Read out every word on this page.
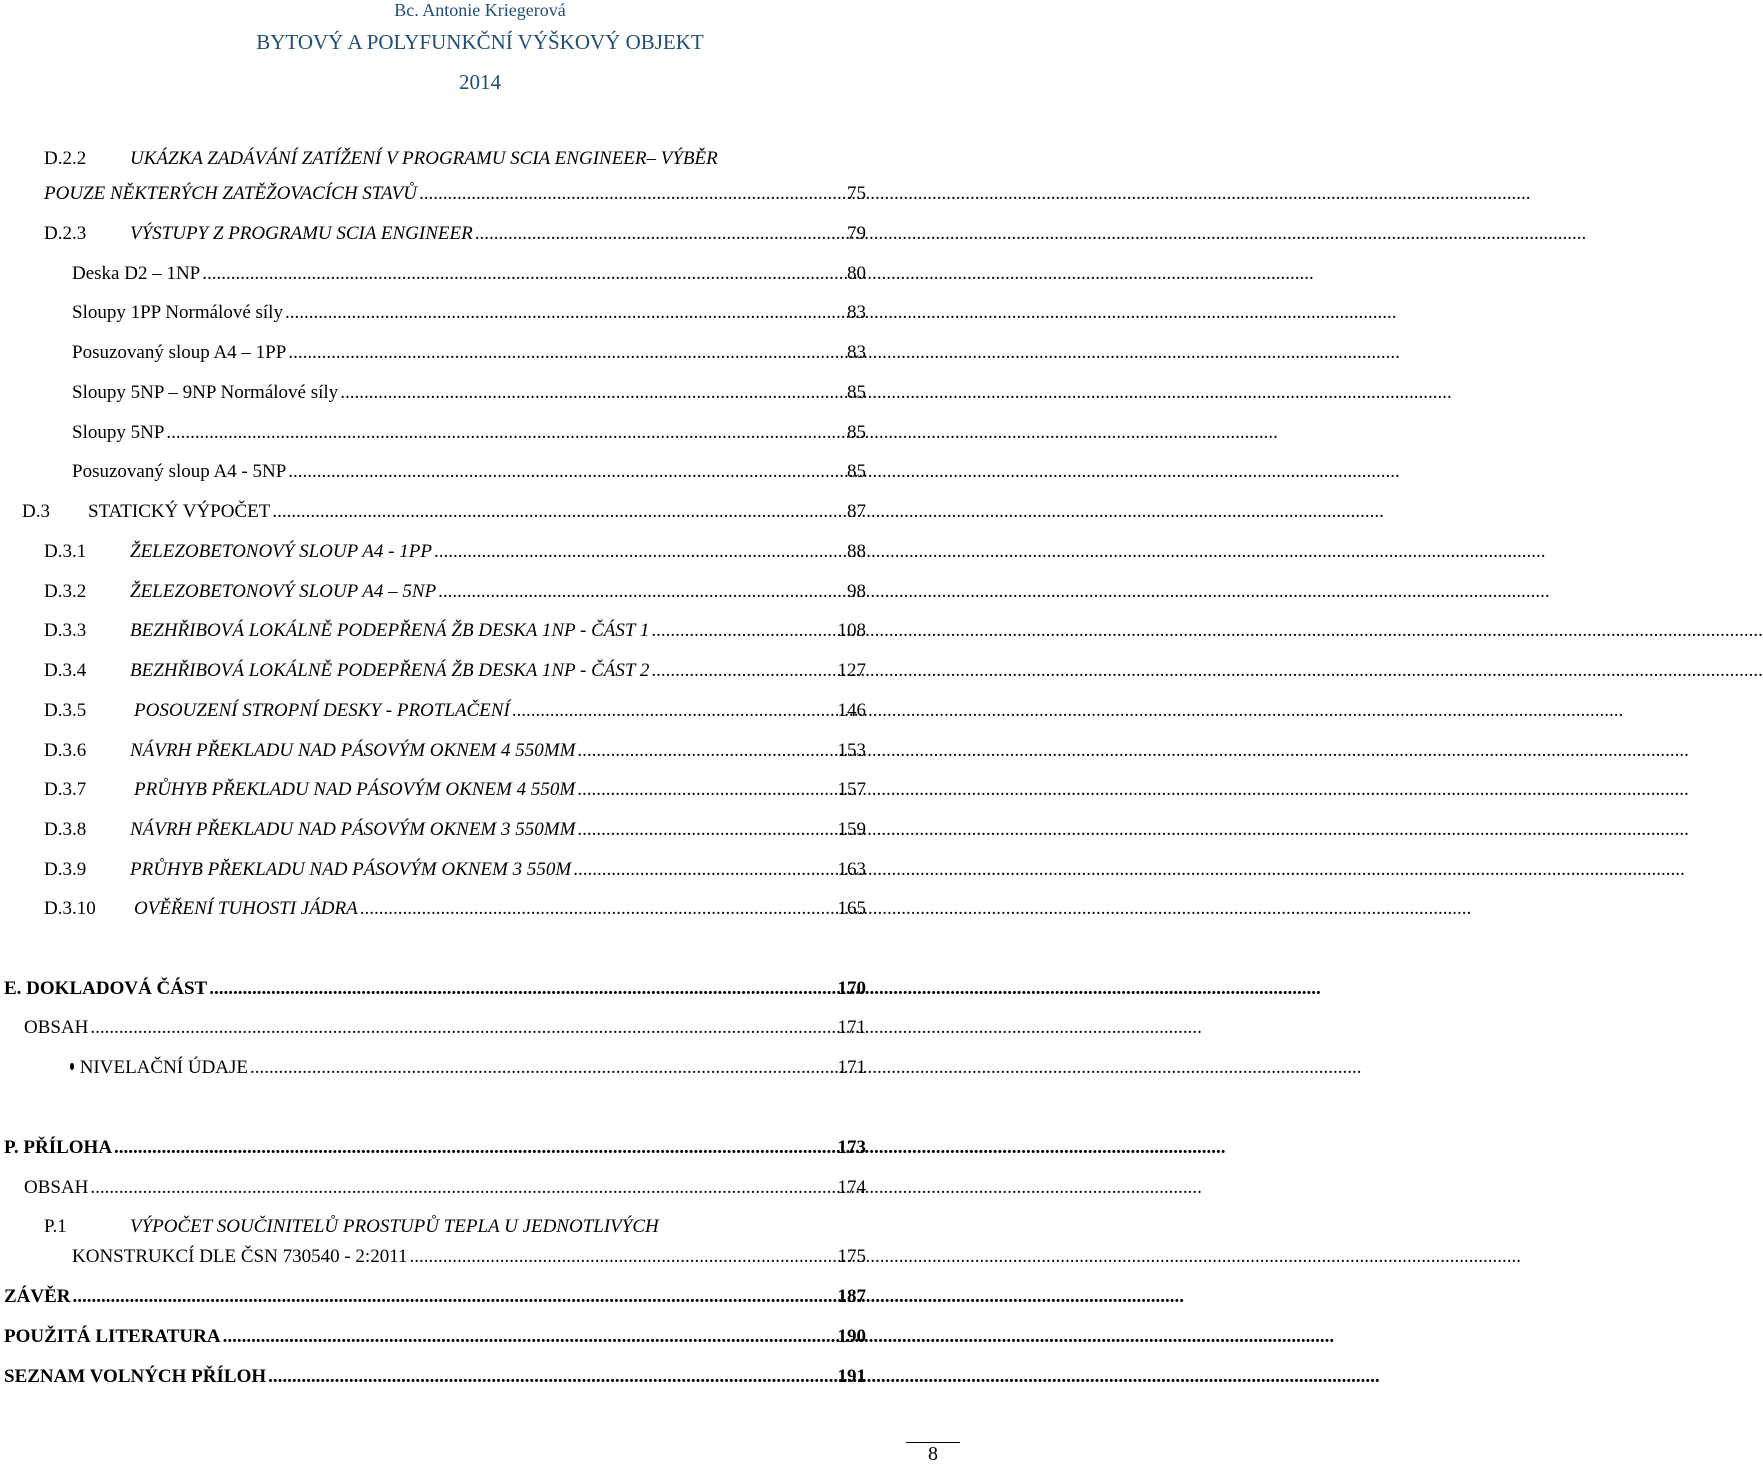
Bc. Antonie Kriegerová
BYTOVÝ A POLYFUNKČNÍ VÝŠKOVÝ OBJEKT
2014
D.2.2 UKÁZKA ZADÁVÁNÍ ZATÍŽENÍ V PROGRAMU SCIA ENGINEER– VÝBĚR
POUZE NĚKTERÝCH ZATĚŽOVACÍCH STAVŮ .....	75
D.2.3	VÝSTUPY Z PROGRAMU SCIA ENGINEER .....	79
Deska D2 – 1NP .....	80
Sloupy 1PP Normálové síly .....	83
Posuzovaný sloup A4 – 1PP .....	83
Sloupy 5NP – 9NP Normálové síly .....	85
Sloupy 5NP .....	85
Posuzovaný sloup A4 - 5NP .....	85
D.3	STATICKÝ VÝPOČET .....	87
D.3.1	ŽELEZOBETONOVÝ SLOUP A4 - 1PP .....	88
D.3.2	ŽELEZOBETONOVÝ SLOUP A4 – 5NP .....	98
D.3.3	BEZHŘIBOVÁ LOKÁLNĚ PODEPŘENÁ ŽB DESKA 1NP - ČÁST 1 .....	108
D.3.4	BEZHŘIBOVÁ LOKÁLNĚ PODEPŘENÁ ŽB DESKA 1NP - ČÁST 2 .....	127
D.3.5	POSOUZENÍ STROPNÍ DESKY - PROTLAČENÍ .....	146
D.3.6	NÁVRH PŘEKLADU NAD PÁSOVÝM OKNEM 4 550MM .....	153
D.3.7	PRŮHYB PŘEKLADU NAD PÁSOVÝM OKNEM 4 550M .....	157
D.3.8	NÁVRH PŘEKLADU NAD PÁSOVÝM OKNEM 3 550MM .....	159
D.3.9	PRŮHYB PŘEKLADU NAD PÁSOVÝM OKNEM 3 550M .....	163
D.3.10	OVĚŘENÍ TUHOSTI JÁDRA .....	165
E. DOKLADOVÁ ČÁST .....	170
OBSAH .....	171
NIVELAČNÍ ÚDAJE .....	171
P. PŘÍLOHA .....	173
OBSAH .....	174
P.1	VÝPOČET SOUČINITELŮ PROSTUPŮ TEPLA U JEDNOTLIVÝCH
KONSTRUKCÍ DLE ČSN 730540 - 2:2011 .....	175
ZÁVĚR .....	187
POUŽITÁ LITERATURA .....	190
SEZNAM VOLNÝCH PŘÍLOH .....	191
8
